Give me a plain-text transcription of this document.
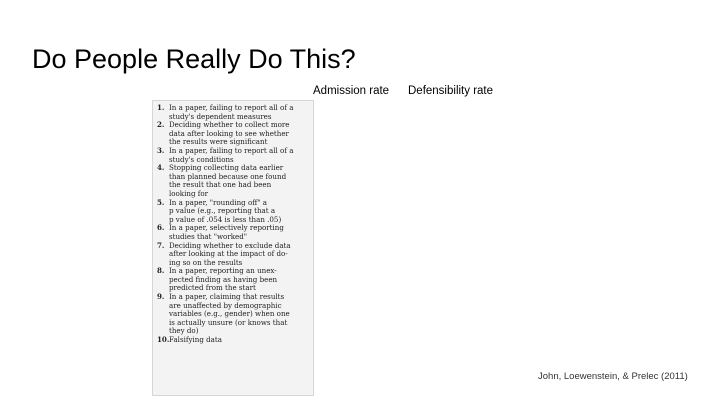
Do People Really Do This?
Admission rate Defensibility rate
1. In a paper, failing to report all of a
study's dependent measures
2. Deciding whether to collect more
data after looking to see whether
the results were significant
3. In a paper, failing to report all of a
study's conditions
4. Stopping collecting data earlier
than planned because one found
the result that one had been
looking for
5. In a paper, "rounding off" a
p value (e.g., reporting that a
p value of .054 is less than .05)
6. In a paper, selectively reporting
studies that "worked"
7. Deciding whether to exclude data
after looking at the impact of do-
ing so on the results
8. In a paper, reporting an unex-
pected finding as having been
predicted from the start
9. In a paper, claiming that results
are unaffected by demographic
variables (e.g., gender) when one
is actually unsure (or knows that
they do)
10. Falsifying data
John, Loewenstein, & Prelec (2011)
